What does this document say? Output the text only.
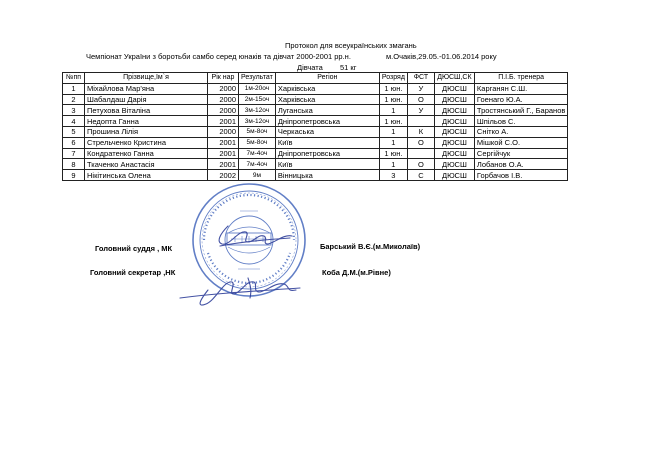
Протокол для всеукраїнських змагань
Чемпіонат України з боротьби самбо серед юнаків та дівчат 2000-2001 рр.н.	м.Очаків,29.05.-01.06.2014 року
Дівчата 51 кг
№пп	Прізвище,Ім`я	Рік нар	Результат	Регіон	Розряд	ФСТ	ДЮСШ,СК	П.І.Б. тренера
1	Міхайлова Мар'яна	2000	1м-20оч	Харківська	1 юн.	У	ДЮСШ	Карганян С.Ш.
2	Шабалдаш Дарія	2000	2м-15оч	Харківська	1 юн.	О	ДЮСШ	Гоенаго Ю.А.
3	Петухова Віталіна	2000	3м-12оч	Луганська	1	У	ДЮСШ	Тростянський Г., Баранов
4	Недопта Ганна	2001	3м-12оч	Дніпропетровська	1 юн.		ДЮСШ	Шпільов С.
5	Прошина Лілія	2000	5м-8оч	Черкаська	1	К	ДЮСШ	Снітко А.
6	Стрельченко Кристина	2001	5м-8оч	Київ	1	О	ДЮСШ	Мішкой С.О.
7	Кондратенко Ганна	2001	7м-4оч	Дніпропетровська	1 юн.		ДЮСШ	Сергійчук
8	Ткаченко Анастасія	2001	7м-4оч	Київ	1	О	ДЮСШ	Лобанов О.А.
9	Нікітинська Олена	2002	9м	Вінницька	3	С	ДЮСШ	Горбачов І.В.
Головний суддя , МК	Барський В.Є.(м.Миколаїв)
Головний секретар ,НК	Коба Д.М.(м.Рівне)
